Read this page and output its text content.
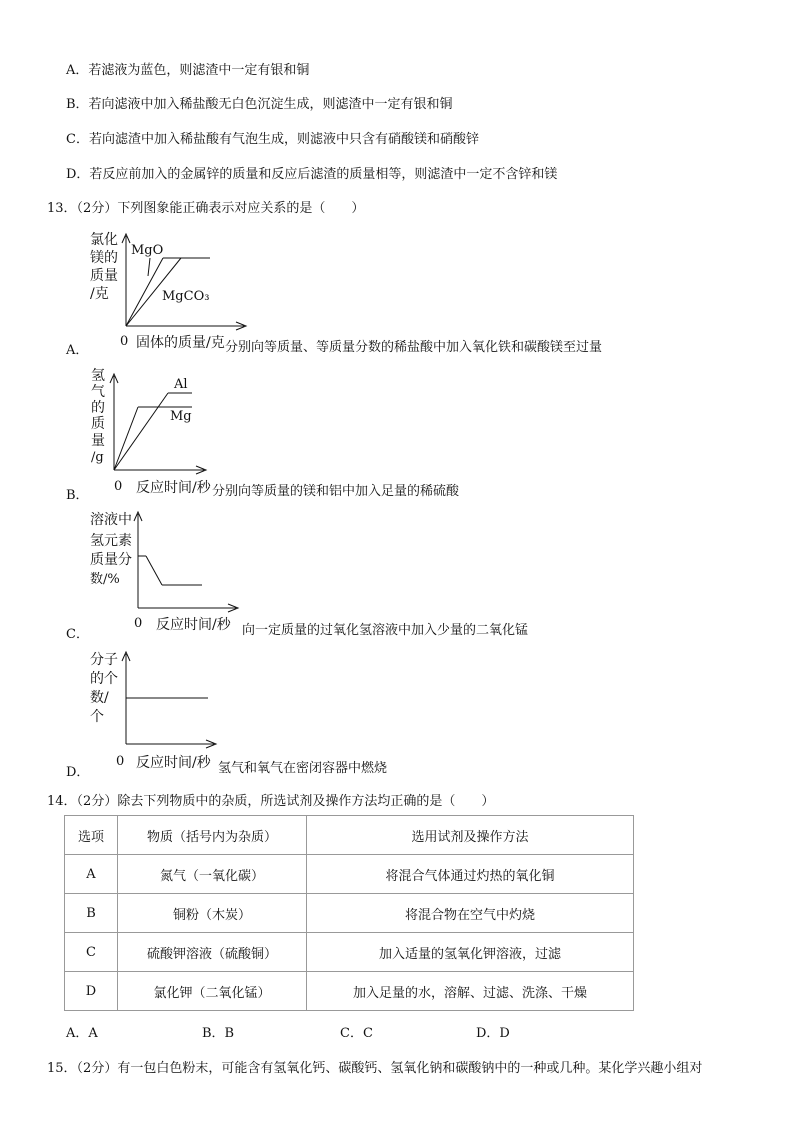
A．若滤液为蓝色，则滤渣中一定有银和铜
B．若向滤液中加入稀盐酸无白色沉淀生成，则滤渣中一定有银和铜
C．若向滤渣中加入稀盐酸有气泡生成，则滤液中只含有硝酸镁和硝酸锌
D．若反应前加入的金属锌的质量和反应后滤渣的质量相等，则滤渣中一定不含锌和镁
13．（2分）下列图象能正确表示对应关系的是（　　）
A．
氯化
镁的
质量
/克
MgO
MgCO₃
0 固体的质量/克 分别向等质量、等质量分数的稀盐酸中加入氧化铁和碳酸镁至过量
B．
氢
气
的
质
量
/g
Al
Mg
0 反应时间/秒 分别向等质量的镁和铝中加入足量的稀硫酸
C．
溶液中
氢元素
质量分
数/%
0 反应时间/秒 向一定质量的过氧化氢溶液中加入少量的二氧化锰
D．
分子
的个
数/
个
0 反应时间/秒 氢气和氧气在密闭容器中燃烧
14．（2分）除去下列物质中的杂质，所选试剂及操作方法均正确的是（　　）
选项	物质（括号内为杂质）	选用试剂及操作方法
A	氮气（一氧化碳）	将混合气体通过灼热的氧化铜
B	铜粉（木炭）	将混合物在空气中灼烧
C	硫酸钾溶液（硫酸铜）	加入适量的氢氧化钾溶液，过滤
D	氯化钾（二氧化锰）	加入足量的水，溶解、过滤、洗涤、干燥
A．A	B．B	C．C	D．D
15．（2分）有一包白色粉末，可能含有氢氧化钙、碳酸钙、氢氧化钠和碳酸钠中的一种或几种。某化学兴趣小组对
